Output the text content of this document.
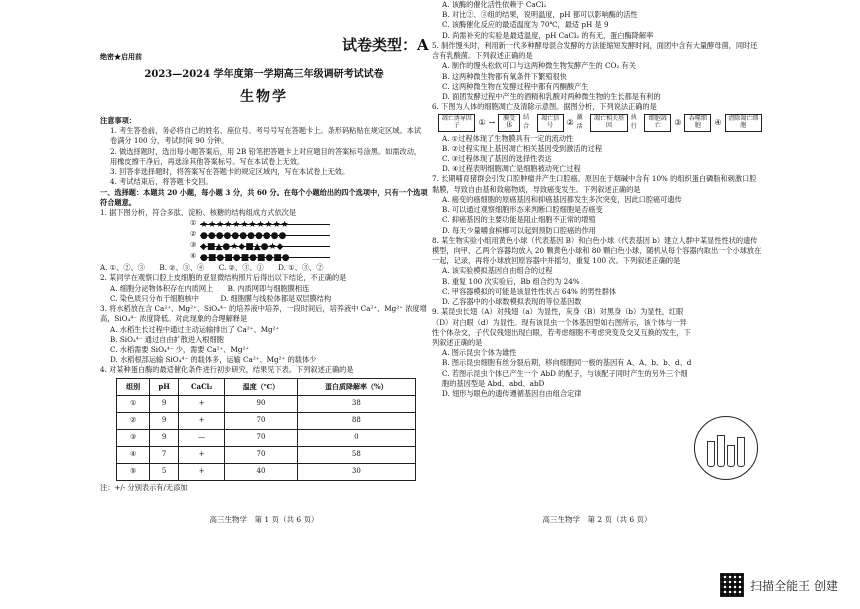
绝密★启用前

2023—2024 学年度第一学期高三年级调研考试试卷

生物学

注意事项：

1. 考生答卷前，务必将自己的姓名、座位号、考号号写在答题卡上。条形码粘贴在规定区域。本试卷满分 100 分，考试时间 90 分钟。

2. 做选择题时，选出每小题答案后，用 2B 铅笔把答题卡上对应题目的答案标号涂黑。如需改动，用橡皮擦干净后，再选涂其他答案标号。写在本试卷上无效。

3. 回答非选择题时，将答案写在答题卡的规定区域内，写在本试卷上无效。

4. 考试结束后，将答题卡交回。

一、选择题：本题共 20 小题，每小题 3 分，共 60 分。在每个小题给出的四个选项中，只有一个选项符合题意。

1. 据下图分析，符合多肽、淀粉、核糖的结构组成方式依次是

① ★★★★★★★★★★★
② ●●●●●●●●●●●
③ ◆■▲●★◆■▲●★◆
④ ●■●■●■●■●■●

A. ①、②、③　　B. ②、③、④　　C. ②、③、①　　D. ①、③、②

2. 某同学在观察口腔上皮细胞的亚显微结构照片后得出以下结论，不正确的是

A. 细胞分泌物体积存在内质网上　　B. 内质网即与细胞膜相连

C. 染色质只分布于细胞核中　　　D. 细胞膜与线粒体都是双层膜结构

3. 将水稻放在含 Ca²⁺、Mg²⁺、SiO₄⁴⁻ 的培养液中培养，一段时间后，培养液中 Ca²⁺、Mg²⁺ 浓度增高，SiO₄⁴⁻ 浓度降低。对此现象的合理解释是

A. 水稻生长过程中通过主动运输排出了 Ca²⁺、Mg²⁺

B. SiO₄⁴⁻ 通过自由扩散进入根细胞

C. 水稻需要 SiO₄⁴⁻ 少，需要 Ca²⁺、Mg²⁺

D. 水稻根部运输 SiO₄⁴⁻ 的载体多，运输 Ca²⁺、Mg²⁺ 的载体少

4. 对某种蛋白酶的最适催化条件进行初步研究，结果见下表。下列叙述正确的是

组别	pH	CaCl₂	温度（℃）	蛋白质降解率（%）
①	9	+	90	38
②	9	+	70	88
③	9	—	70	0
④	7	+	70	58
⑤	5	+	40	30

注：+/- 分别表示有/无添加

高三生物学　第 1 页（共 6 页）

A. 该酶的催化活性依赖于 CaCl₂

B. 对比②、③组的结果，说明温度，pH 都可以影响酶的活性

C. 该酶催化反应的最适温度为 70℃，最适 pH 是 9

D. 尚需补充的实验是最适温度，pH CaCl₂ 的有无，蛋白酶降解率

5. 制作馒头时，利用新一代多种酵母混合发酵的方法能缩短发酵时间，面团中含有大量酵母菌，同时还含有乳酸菌。下列叙述正确的是

A. 制作的馒头松软可口与这两种微生物发酵产生的 CO₂ 有关

B. 这两种微生物都有氧条件下繁殖很快

C. 这两种微生物在发酵过程中都有丙酮酸产生

D. 面团发酵过程中产生的酒精和乳酸对两种微生物的生长都是有利的

6. 下图为人体的细胞凋亡及清除示意图。据图分析，下列说法正确的是

凋亡诱导因子	① →	膜受体
结合
凋亡信号	②
激活
凋亡相关基因
执行
细胞凋亡	③	吞噬细胞	④	清除凋亡细胞

A. ①过程体现了生物膜具有一定的流动性

B. ②过程实现上基因凋亡相关基因受到激活的过程

C. ③过程体现了基因的选择性表达

D. ④过程表明细胞凋亡是细胞被动死亡过程

7. 长期哺育猪群会引发口腔肿瘤并产生口腔癌。原因在于烟碱中含有 10% 的组织蛋白磷脂和刺激口腔黏膜，导致自由基和致癌物质，导致癌变发生。下列叙述正确的是

A. 癌变的癌细胞的原癌基因和抑癌基因都发生多次突变，因此口腔癌可遗传

B. 可以通过观察细胞形态来判断口腔细胞是否癌变

C. 抑癌基因的主要功能是阻止细胞不正常的增殖

D. 每天少量嚼食槟榔可以起到预防口腔癌的作用

8. 某生物实验小组用黄色小球（代表基因 B）和白色小球（代表基因 b）建立人群中某显性性状的遗传模型，向甲、乙两个容器均放入 20 颗黄色小球和 80 颗白色小球，随机从每个容器内取出一个小球放在一起，记录，再将小球放回原容器中并摇匀，重复 100 次。下列叙述正确的是

A. 该实验模拟基因自由组合的过程

B. 重复 100 次实验后，Bb 组合约为 24%

C. 甲容器模拟的可能是该显性性状占 64% 的男性群体

D. 乙容器中的小球数模拟表现的等位基因数

9. 某昆虫长翅（A）对残翅（a）为显性，灰身（B）对黑身（b）为显性，红眼（D）对白眼（d）为显性。现有该昆虫一个体基因型如右图所示，该个体与一异性个体杂交，子代仅残翅出现白眼，若考虑细胞不考虑突变及交叉互换的发生，下列叙述正确的是

A. 图示昆虫个体为雄性

B. 图示昆虫细胞有丝分裂后期，移向细胞同一极的基因有 A、A、b、b、d、d

C. 若图示昆虫个体已产生一个 AbD 的配子，与该配子同时产生的另外三个细胞的基因型是 Abd、abd、abD

D. 翅形与眼色的遗传遵循基因自由组合定律

高三生物学　第 2 页（共 6 页）
试卷类型：A
扫描全能王 创建
